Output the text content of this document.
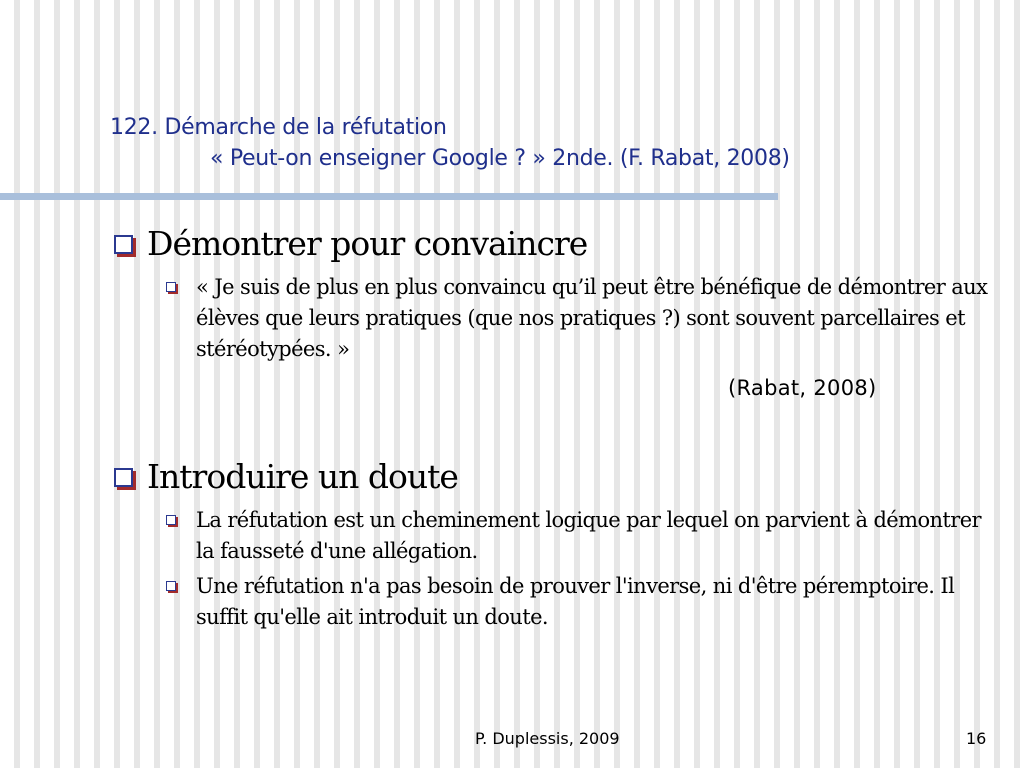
122. Démarche de la réfutation
« Peut-on enseigner Google ? » 2nde. (F. Rabat, 2008)
Démontrer pour convaincre
« Je suis de plus en plus convaincu qu’il peut être bénéfique de démontrer aux élèves que leurs pratiques (que nos pratiques ?) sont souvent parcellaires et stéréotypées. »
(Rabat, 2008)
Introduire un doute
La réfutation est un cheminement logique par lequel on parvient à démontrer la fausseté d'une allégation.
Une réfutation n'a pas besoin de prouver l'inverse, ni d'être péremptoire. Il suffit qu'elle ait introduit un doute.
P. Duplessis, 2009	16
